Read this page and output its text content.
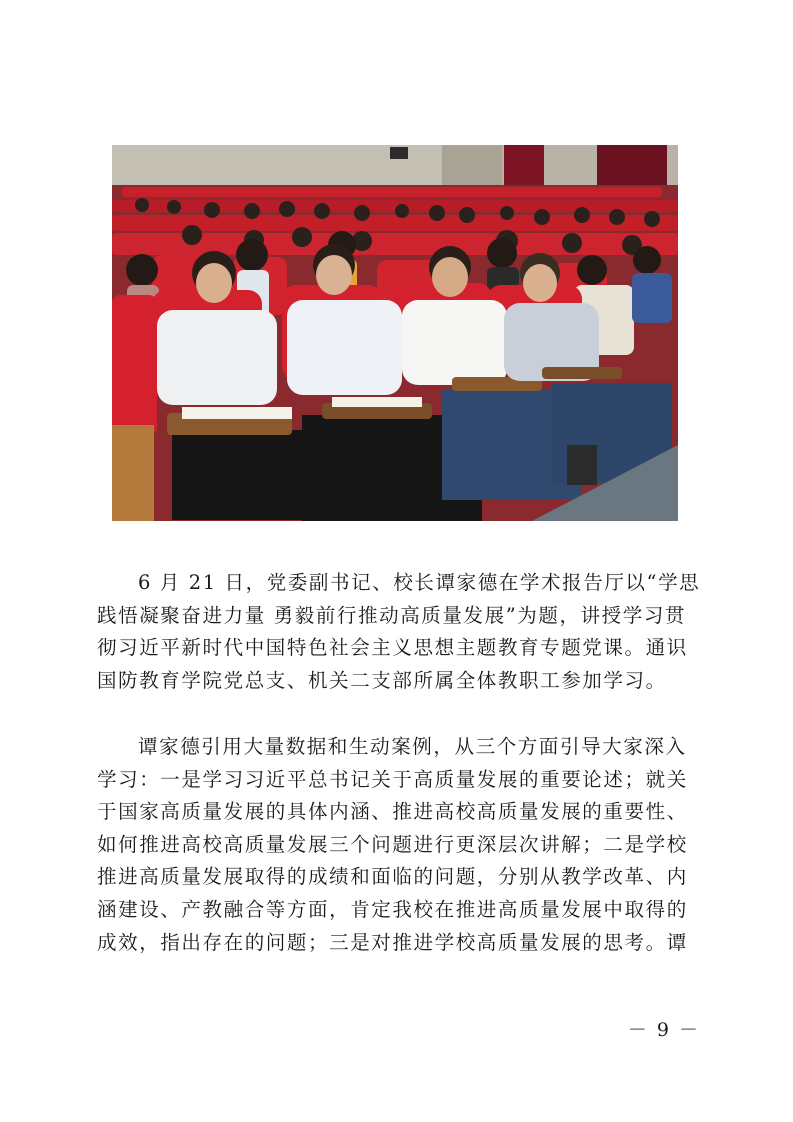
6 月 21 日，党委副书记、校长谭家德在学术报告厅以“学思
践悟凝聚奋进力量 勇毅前行推动高质量发展”为题，讲授学习贯
彻习近平新时代中国特色社会主义思想主题教育专题党课。通识
国防教育学院党总支、机关二支部所属全体教职工参加学习。
谭家德引用大量数据和生动案例，从三个方面引导大家深入
学习：一是学习习近平总书记关于高质量发展的重要论述；就关
于国家高质量发展的具体内涵、推进高校高质量发展的重要性、
如何推进高校高质量发展三个问题进行更深层次讲解；二是学校
推进高质量发展取得的成绩和面临的问题，分别从教学改革、内
涵建设、产教融合等方面，肯定我校在推进高质量发展中取得的
成效，指出存在的问题；三是对推进学校高质量发展的思考。谭
－ 9 －
